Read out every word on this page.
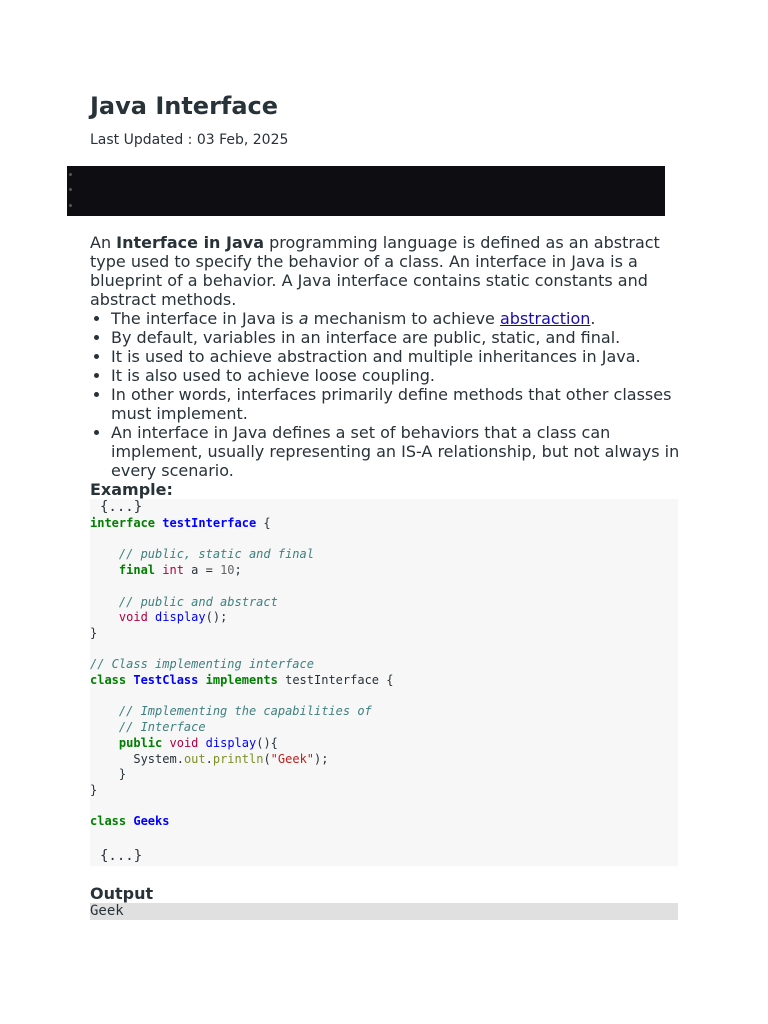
Java Interface
Last Updated : 03 Feb, 2025

An Interface in Java programming language is defined as an abstract type used to specify the behavior of a class. An interface in Java is a blueprint of a behavior. A Java interface contains static constants and abstract methods.

• The interface in Java is a mechanism to achieve abstraction.
• By default, variables in an interface are public, static, and final.
• It is used to achieve abstraction and multiple inheritances in Java.
• It is also used to achieve loose coupling.
• In other words, interfaces primarily define methods that other classes must implement.
• An interface in Java defines a set of behaviors that a class can implement, usually representing an IS-A relationship, but not always in every scenario.
Example:
{...}
interface testInterface {

// public, static and final
final int a = 10;

// public and abstract
void display();
}

// Class implementing interface
class TestClass implements testInterface {

// Implementing the capabilities of
// Interface
public void display(){
System.out.println("Geek");
}
}

class Geeks
{...}
Output
Geek
